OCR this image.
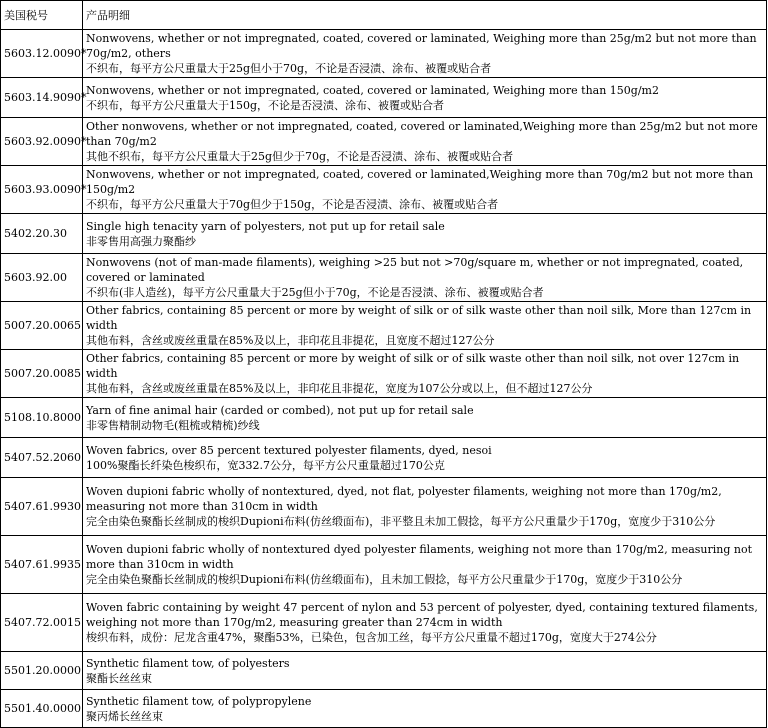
美国税号	产品明细
5603.12.0090*	Nonwovens, whether or not impregnated, coated, covered or laminated, Weighing more than 25g/m2 but not more than 70g/m2, others
不织布，每平方公尺重量大于25g但小于70g，不论是否浸渍、涂布、被覆或贴合者

5603.14.9090*	Nonwovens, whether or not impregnated, coated, covered or laminated, Weighing more than 150g/m2
不织布，每平方公尺重量大于150g，不论是否浸渍、涂布、被覆或贴合者

5603.92.0090*	Other nonwovens, whether or not impregnated, coated, covered or laminated,Weighing more than 25g/m2 but not more than 70g/m2
其他不织布，每平方公尺重量大于25g但少于70g，不论是否浸渍、涂布、被覆或贴合者

5603.93.0090*	Nonwovens, whether or not impregnated, coated, covered or laminated,Weighing more than 70g/m2 but not more than 150g/m2
不织布，每平方公尺重量大于70g但少于150g，不论是否浸渍、涂布、被覆或贴合者

5402.20.30	Single high tenacity yarn of polyesters, not put up for retail sale
非零售用高强力聚酯纱

5603.92.00	Nonwovens (not of man-made filaments), weighing >25 but not >70g/square m, whether or not impregnated, coated, covered or laminated
不织布(非人造丝)，每平方公尺重量大于25g但小于70g，不论是否浸渍、涂布、被覆或贴合者

5007.20.0065	Other fabrics, containing 85 percent or more by weight of silk or of silk waste other than noil silk, More than 127cm in width
其他布料，含丝或废丝重量在85%及以上，非印花且非提花，且宽度不超过127公分

5007.20.0085	Other fabrics, containing 85 percent or more by weight of silk or of silk waste other than noil silk, not over 127cm in width
其他布料，含丝或废丝重量在85%及以上，非印花且非提花，宽度为107公分或以上，但不超过127公分

5108.10.8000	Yarn of fine animal hair (carded or combed), not put up for retail sale
非零售精制动物毛(粗梳或精梳)纱线

5407.52.2060	Woven fabrics, over 85 percent textured polyester filaments, dyed, nesoi
100%聚酯长纤染色梭织布，宽332.7公分，每平方公尺重量超过170公克

5407.61.9930	Woven dupioni fabric wholly of nontextured, dyed, not flat, polyester filaments, weighing not more than 170g/m2, measuring not more than 310cm in width
完全由染色聚酯长丝制成的梭织Dupioni布料(仿丝缎面布)，非平整且未加工假捻，每平方公尺重量少于170g，宽度少于310公分

5407.61.9935	Woven dupioni fabric wholly of nontextured dyed polyester filaments, weighing not more than 170g/m2, measuring not more than 310cm in width
完全由染色聚酯长丝制成的梭织Dupioni布料(仿丝缎面布)，且未加工假捻，每平方公尺重量少于170g，宽度少于310公分

5407.72.0015	Woven fabric containing by weight 47 percent of nylon and 53 percent of polyester, dyed, containing textured filaments, weighing not more than 170g/m2, measuring greater than 274cm in width
梭织布料，成份：尼龙含重47%，聚酯53%，已染色，包含加工丝，每平方公尺重量不超过170g，宽度大于274公分

5501.20.0000	Synthetic filament tow, of polyesters
聚酯长丝丝束

5501.40.0000	Synthetic filament tow, of polypropylene
聚丙烯长丝丝束
